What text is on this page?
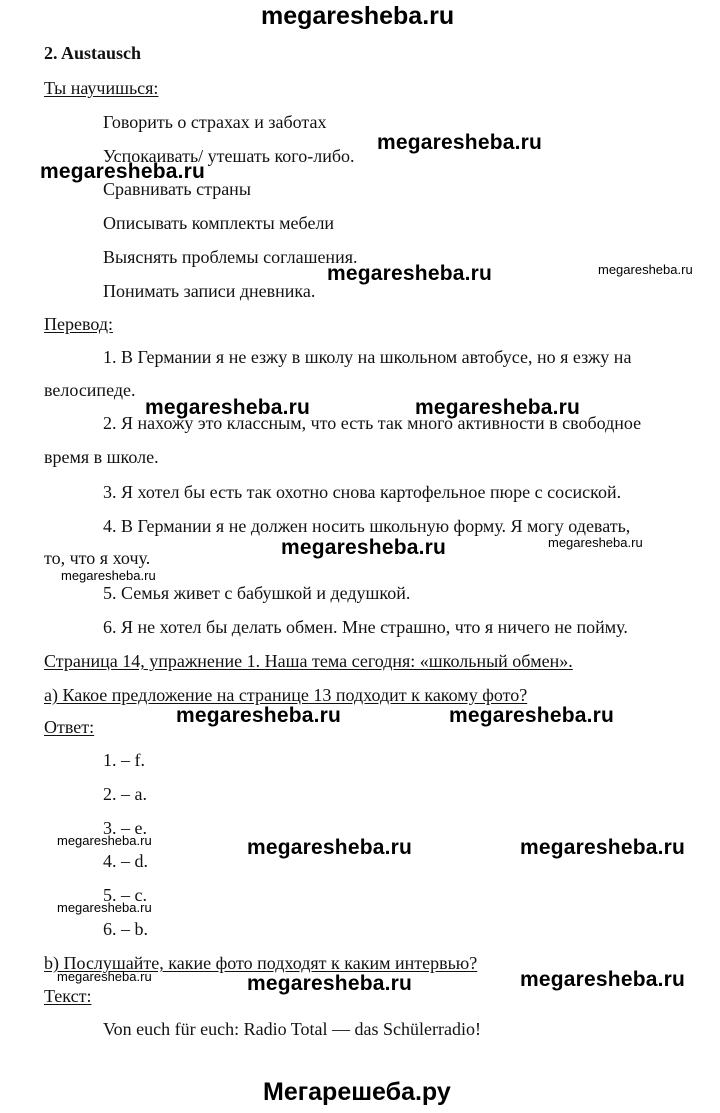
megaresheba.ru
2. Austausch
Ты научишься:
Говорить о страхах и заботах
Успокаивать/ утешать кого-либо.
Сравнивать страны
Описывать комплекты мебели
Выяснять проблемы соглашения.
Понимать записи дневника.
Перевод:
1. В Германии я не езжу в школу на школьном автобусе, но я езжу на
велосипеде.
2. Я нахожу это классным, что есть так много активности в свободное
время в школе.
3. Я хотел бы есть так охотно снова картофельное пюре с сосиской.
4. В Германии я не должен носить школьную форму. Я могу одевать,
то, что я хочу.
5. Семья живет с бабушкой и дедушкой.
6. Я не хотел бы делать обмен. Мне страшно, что я ничего не пойму.
Страница 14, упражнение 1. Наша тема сегодня: «школьный обмен».
а) Какое предложение на странице 13 подходит к какому фото?
Ответ:
1. – f.
2. – a.
3. – e.
4. – d.
5. – c.
6. – b.
b) Послушайте, какие фото подходят к каким интервью?
Текст:
Von euch für euch: Radio Total — das Schülerradio!
megaresheba.ru
megaresheba.ru
megaresheba.ru
megaresheba.ru	megaresheba.ru
megaresheba.ru
megaresheba.ru	megaresheba.ru
megaresheba.ru	megaresheba.ru
megaresheba.ru	megaresheba.ru
megaresheba.ru
megaresheba.ru
megaresheba.ru
megaresheba.ru
megaresheba.ru
megaresheba.ru
Мегарешеба.ру
